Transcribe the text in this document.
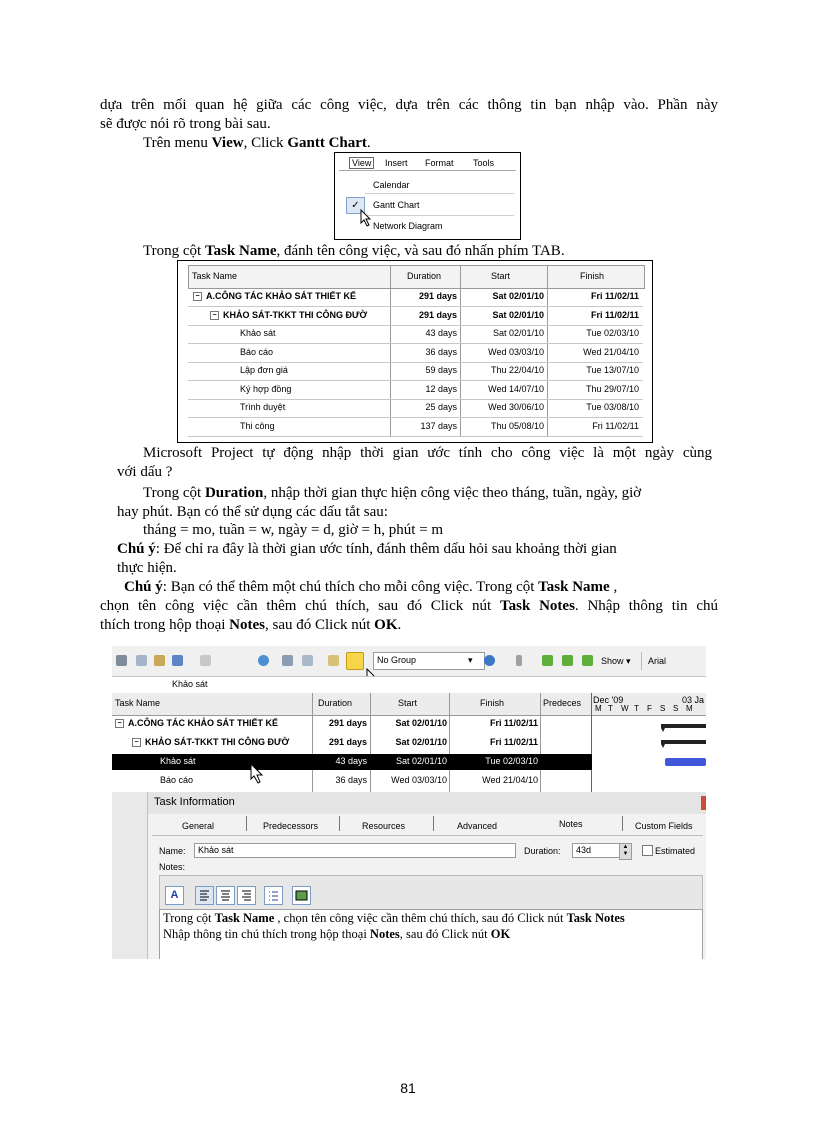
dựa trên mối quan hệ giữa các công việc, dựa trên các thông tin bạn nhập vào. Phần này
sẽ được nói rõ trong bài sau.
Trên menu View, Click Gantt Chart.
View	Insert Format Tools
Calendar
✓	Gantt Chart
Network Diagram
Trong cột Task Name, đánh tên công việc, và sau đó nhấn phím TAB.
Task Name	Duration	Start	Finish
− A.CÔNG TÁC KHẢO SÁT THIẾT KẾ	291 days	Sat 02/01/10	Fri 11/02/11
− KHẢO SÁT-TKKT THI CÔNG ĐƯỜ	291 days	Sat 02/01/10	Fri 11/02/11
Khảo sát	43 days	Sat 02/01/10	Tue 02/03/10
Báo cáo	36 days	Wed 03/03/10	Wed 21/04/10
Lập đơn giá	59 days	Thu 22/04/10	Tue 13/07/10
Ký hợp đồng	12 days	Wed 14/07/10	Thu 29/07/10
Trình duyệt	25 days	Wed 30/06/10	Tue 03/08/10
Thi công	137 days	Thu 05/08/10	Fri 11/02/11
Microsoft Project tự động nhập thời gian ước tính cho công việc là một ngày cùng
với dấu ?
Trong cột Duration, nhập thời gian thực hiện công việc theo tháng, tuần, ngày, giờ
hay phút. Bạn có thể sử dụng các dấu tắt sau:
tháng = mo, tuần = w, ngày = d, giờ = h, phút = m
Chú ý: Để chỉ ra đây là thời gian ước tính, đánh thêm dấu hỏi sau khoảng thời gian
thực hiện.
Chú ý: Bạn có thể thêm một chú thích cho mỗi công việc. Trong cột Task Name ,
chọn tên công việc cần thêm chú thích, sau đó Click nút Task Notes. Nhập thông tin chú
thích trong hộp thoại Notes, sau đó Click nút OK.
No Group	▾	Show ▾ Arial
Khảo sát
Task Name	Duration	Start	Finish	Predeces Dec '09	03 Ja
M T W T F S S M
− A.CÔNG TÁC KHẢO SÁT THIẾT KẾ	291 days	Sat 02/01/10	Fri 11/02/11
− KHẢO SÁT-TKKT THI CÔNG ĐƯỜ	291 days	Sat 02/01/10	Fri 11/02/11
Khảo sát	43 days	Sat 02/01/10	Tue 02/03/10
Báo cáo	36 days	Wed 03/03/10	Wed 21/04/10
Task Information
General	Predecessors	Resources	Advanced	Notes	Custom Fields
Name: Khảo sát	Duration: 43d	▲
▼	Estimated
Notes:
A
Trong cột Task Name , chọn tên công việc cần thêm chú thích, sau đó Click nút Task Notes
Nhập thông tin chú thích trong hộp thoại Notes, sau đó Click nút OK
81
